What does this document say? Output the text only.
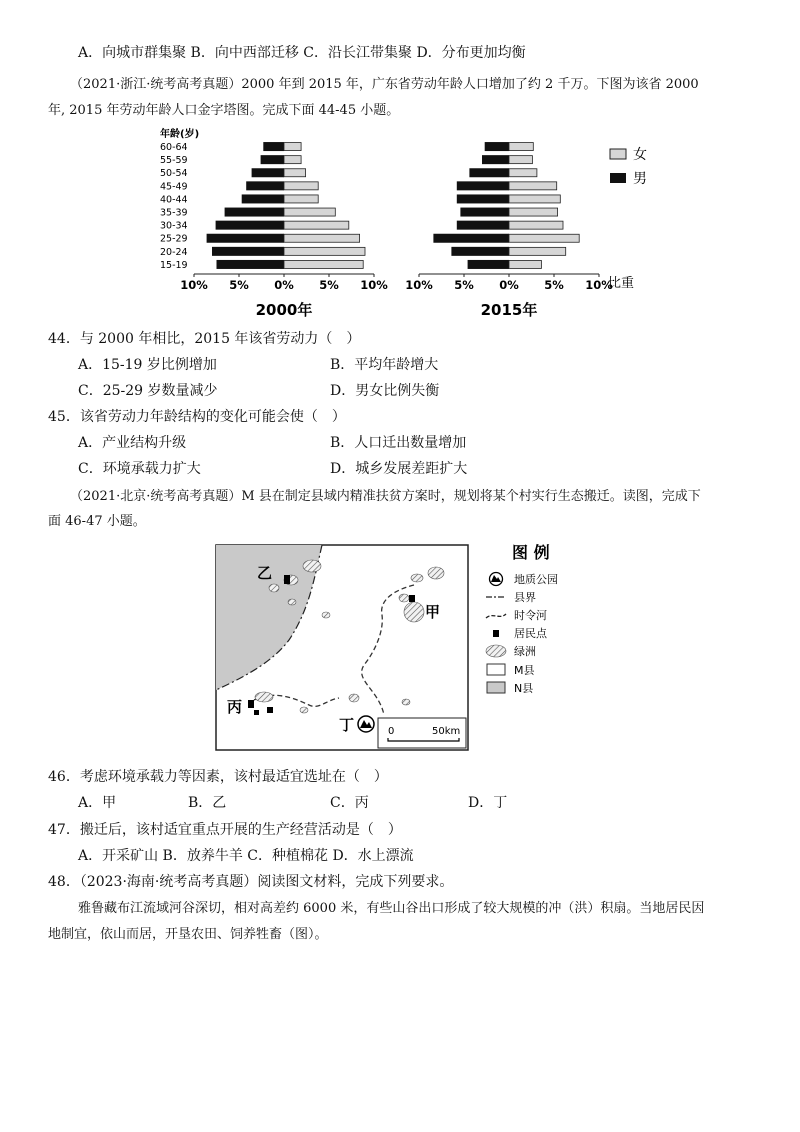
A．向城市群集聚 B．向中西部迁移 C．沿长江带集聚 D．分布更加均衡
（2021·浙江·统考高考真题）2000 年到 2015 年，广东省劳动年龄人口增加了约 2 千万。下图为该省 2000
年, 2015 年劳动年龄人口金字塔图。完成下面 44-45 小题。
年龄(岁)
15-19
20-24
25-29
30-34
35-39
40-44
45-49
50-54
55-59
60-64
10% 5% 0% 5% 10% 10% 5% 0% 5% 10%
比重
女
男
2000年	2015年
44．与 2000 年相比，2015 年该省劳动力（　）
A．15-19 岁比例增加	B．平均年龄增大
C．25-29 岁数量减少	D．男女比例失衡
45．该省劳动力年龄结构的变化可能会使（　）
A．产业结构升级	B．人口迁出数量增加
C．环境承载力扩大	D．城乡发展差距扩大
（2021·北京·统考高考真题）M 县在制定县域内精准扶贫方案时，规划将某个村实行生态搬迁。读图，完成下
面 46-47 小题。
乙
甲
丙
丁	0	50km
图 例
地质公园
县界
时令河
居民点
绿洲
M县
N县
46．考虑环境承载力等因素，该村最适宜选址在（　）
A．甲	B．乙	C．丙	D．丁
47．搬迁后，该村适宜重点开展的生产经营活动是（　）
A．开采矿山 B．放养牛羊 C．种植棉花 D．水上漂流
48．（2023·海南·统考高考真题）阅读图文材料，完成下列要求。
雅鲁藏布江流域河谷深切，相对高差约 6000 米，有些山谷出口形成了较大规模的冲（洪）积扇。当地居民因
地制宜，依山而居，开垦农田、饲养牲畜（图）。
